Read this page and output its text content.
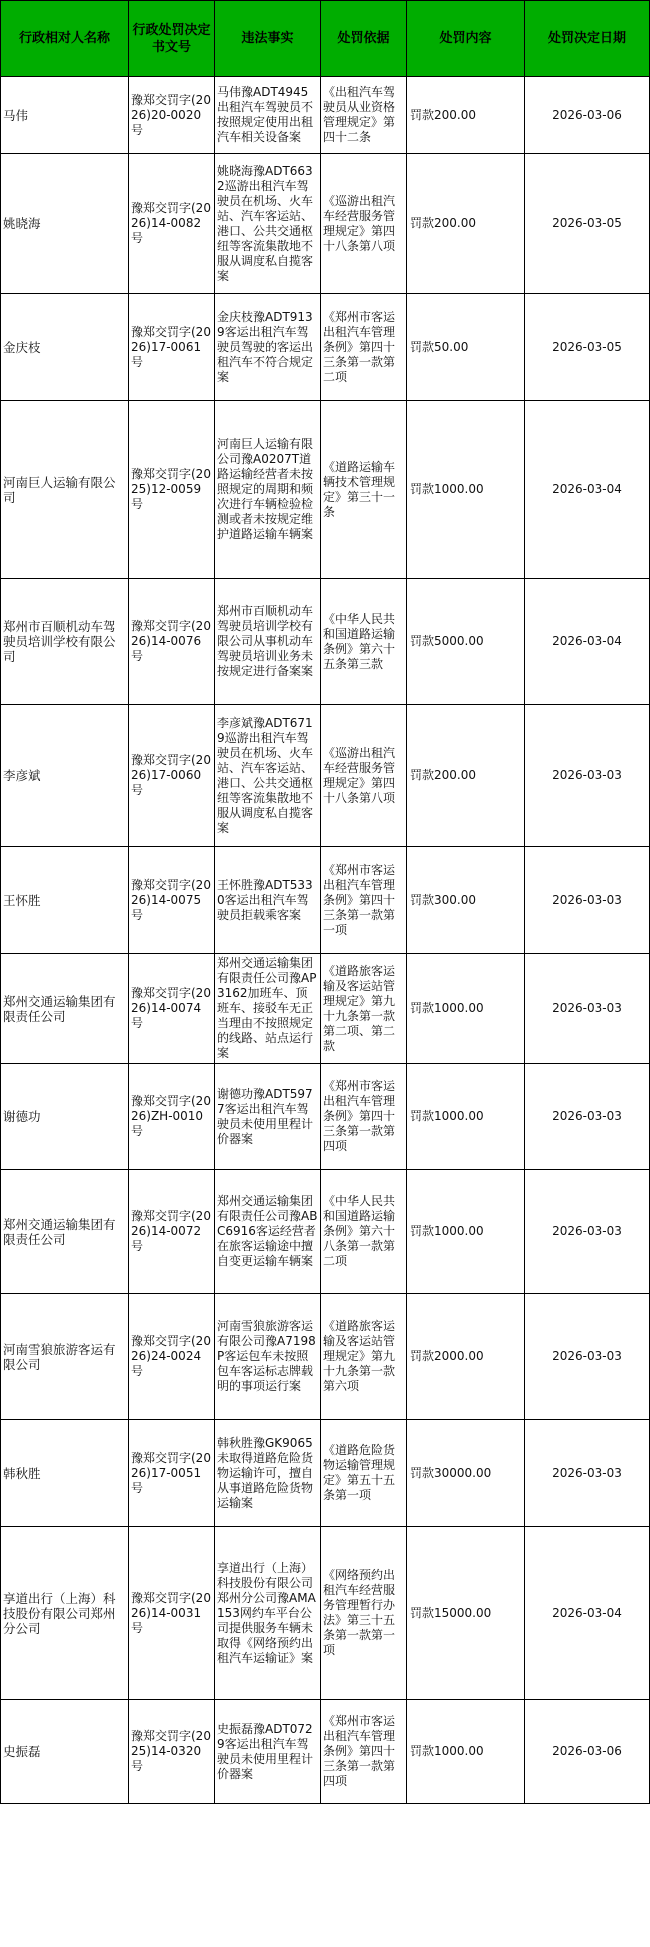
行政相对人名称	行政处罚决定书文号	违法事实	处罚依据	处罚内容	处罚决定日期
马伟	豫郑交罚字(2026)20-0020号	马伟豫ADT4945出租汽车驾驶员不按照规定使用出租汽车相关设备案	《出租汽车驾驶员从业资格管理规定》第四十二条	罚款200.00	2026-03-06
姚晓海	豫郑交罚字(2026)14-0082号	姚晓海豫ADT6632巡游出租汽车驾驶员在机场、火车站、汽车客运站、港口、公共交通枢纽等客流集散地不服从调度私自揽客案	《巡游出租汽车经营服务管理规定》第四十八条第八项	罚款200.00	2026-03-05
金庆枝	豫郑交罚字(2026)17-0061号	金庆枝豫ADT9139客运出租汽车驾驶员驾驶的客运出租汽车不符合规定案	《郑州市客运出租汽车管理条例》第四十三条第一款第二项	罚款50.00	2026-03-05
河南巨人运输有限公司	豫郑交罚字(2025)12-0059号	河南巨人运输有限公司豫A0207T道路运输经营者未按照规定的周期和频次进行车辆检验检测或者未按规定维护道路运输车辆案	《道路运输车辆技术管理规定》第三十一条	罚款1000.00	2026-03-04
郑州市百顺机动车驾驶员培训学校有限公司	豫郑交罚字(2026)14-0076号	郑州市百顺机动车驾驶员培训学校有限公司从事机动车驾驶员培训业务未按规定进行备案案	《中华人民共和国道路运输条例》第六十五条第三款	罚款5000.00	2026-03-04
李彦斌	豫郑交罚字(2026)17-0060号	李彦斌豫ADT6719巡游出租汽车驾驶员在机场、火车站、汽车客运站、港口、公共交通枢纽等客流集散地不服从调度私自揽客案	《巡游出租汽车经营服务管理规定》第四十八条第八项	罚款200.00	2026-03-03
王怀胜	豫郑交罚字(2026)14-0075号	王怀胜豫ADT5330客运出租汽车驾驶员拒载乘客案	《郑州市客运出租汽车管理条例》第四十三条第一款第一项	罚款300.00	2026-03-03
郑州交通运输集团有限责任公司	豫郑交罚字(2026)14-0074号	郑州交通运输集团有限责任公司豫AP3162加班车、顶班车、接驳车无正当理由不按照规定的线路、站点运行案	《道路旅客运输及客运站管理规定》第九十九条第一款第二项、第二款	罚款1000.00	2026-03-03
谢德功	豫郑交罚字(2026)ZH-0010号	谢德功豫ADT5977客运出租汽车驾驶员未使用里程计价器案	《郑州市客运出租汽车管理条例》第四十三条第一款第四项	罚款1000.00	2026-03-03
郑州交通运输集团有限责任公司	豫郑交罚字(2026)14-0072号	郑州交通运输集团有限责任公司豫ABC6916客运经营者在旅客运输途中擅自变更运输车辆案	《中华人民共和国道路运输条例》第六十八条第一款第二项	罚款1000.00	2026-03-03
河南雪狼旅游客运有限公司	豫郑交罚字(2026)24-0024号	河南雪狼旅游客运有限公司豫A7198P客运包车未按照包车客运标志牌载明的事项运行案	《道路旅客运输及客运站管理规定》第九十九条第一款第六项	罚款2000.00	2026-03-03
韩秋胜	豫郑交罚字(2026)17-0051号	韩秋胜豫GK9065未取得道路危险货物运输许可，擅自从事道路危险货物运输案	《道路危险货物运输管理规定》第五十五条第一项	罚款30000.00	2026-03-03
享道出行（上海）科技股份有限公司郑州分公司	豫郑交罚字(2026)14-0031号	享道出行（上海）科技股份有限公司郑州分公司豫AMA153网约车平台公司提供服务车辆未取得《网络预约出租汽车运输证》案	《网络预约出租汽车经营服务管理暂行办法》第三十五条第一款第一项	罚款15000.00	2026-03-04
史振磊	豫郑交罚字(2025)14-0320号	史振磊豫ADT0729客运出租汽车驾驶员未使用里程计价器案	《郑州市客运出租汽车管理条例》第四十三条第一款第四项	罚款1000.00	2026-03-06
